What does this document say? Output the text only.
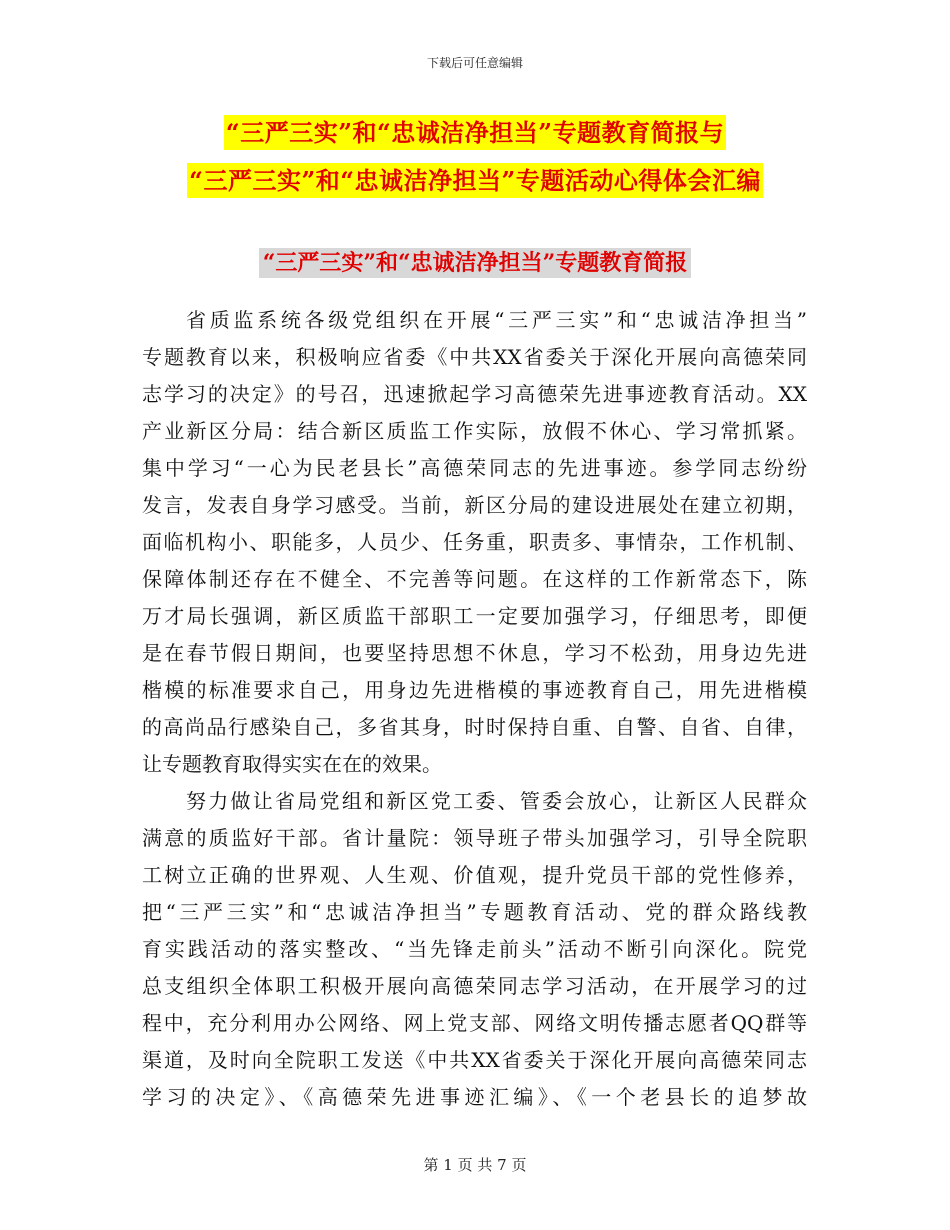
下载后可任意编辑
“三严三实”和“忠诚洁净担当”专题教育简报与
“三严三实”和“忠诚洁净担当”专题活动心得体会汇编
“三严三实”和“忠诚洁净担当”专题教育简报
省质监系统各级党组织在开展“三严三实”和“忠诚洁净担当”
专题教育以来，积极响应省委《中共XX省委关于深化开展向高德荣同
志学习的决定》的号召，迅速掀起学习高德荣先进事迹教育活动。XX
产业新区分局：结合新区质监工作实际，放假不休心、学习常抓紧。
集中学习“一心为民老县长”高德荣同志的先进事迹。参学同志纷纷
发言，发表自身学习感受。当前，新区分局的建设进展处在建立初期，
面临机构小、职能多，人员少、任务重，职责多、事情杂，工作机制、
保障体制还存在不健全、不完善等问题。在这样的工作新常态下，陈
万才局长强调，新区质监干部职工一定要加强学习，仔细思考，即便
是在春节假日期间，也要坚持思想不休息，学习不松劲，用身边先进
楷模的标准要求自己，用身边先进楷模的事迹教育自己，用先进楷模
的高尚品行感染自己，多省其身，时时保持自重、自警、自省、自律，
让专题教育取得实实在在的效果。
努力做让省局党组和新区党工委、管委会放心，让新区人民群众
满意的质监好干部。省计量院：领导班子带头加强学习，引导全院职
工树立正确的世界观、人生观、价值观，提升党员干部的党性修养，
把“三严三实”和“忠诚洁净担当”专题教育活动、党的群众路线教
育实践活动的落实整改、“当先锋走前头”活动不断引向深化。院党
总支组织全体职工积极开展向高德荣同志学习活动，在开展学习的过
程中，充分利用办公网络、网上党支部、网络文明传播志愿者QQ群等
渠道，及时向全院职工发送《中共XX省委关于深化开展向高德荣同志
学习的决定》、《高德荣先进事迹汇编》、《一个老县长的追梦故
第 1 页 共 7 页
